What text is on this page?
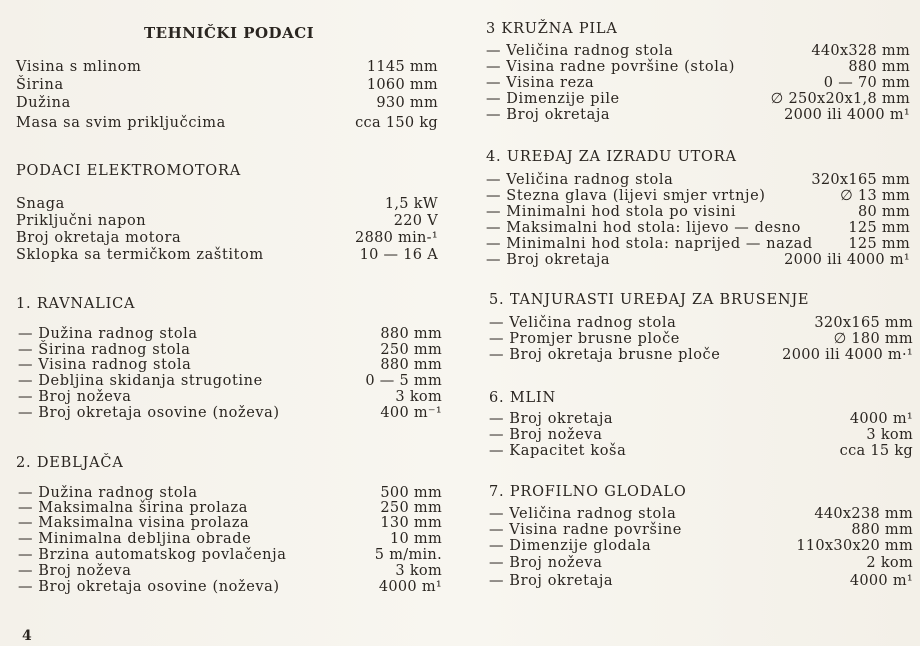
TEHNIČKI PODACI
Visina s mlinom	1145 mm
Širina	1060 mm
Dužina	930 mm
Masa sa svim priključcima	cca 150 kg
PODACI ELEKTROMOTORA
Snaga	1,5 kW
Priključni napon	220 V
Broj okretaja motora	2880 min-¹
Sklopka sa termičkom zaštitom	10 — 16 A
1. RAVNALICA
— Dužina radnog stola	880 mm
— Širina radnog stola	250 mm
— Visina radnog stola	880 mm
— Debljina skidanja strugotine	0 — 5 mm
— Broj noževa	3 kom
— Broj okretaja osovine (noževa)	400 m⁻¹
2. DEBLJAČA
— Dužina radnog stola	500 mm
— Maksimalna širina prolaza	250 mm
— Maksimalna visina prolaza	130 mm
— Minimalna debljina obrade	10 mm
— Brzina automatskog povlačenja	5 m/min.
— Broj noževa	3 kom
— Broj okretaja osovine (noževa)	4000 m¹
3 KRUŽNA PILA
— Veličina radnog stola	440x328 mm
— Visina radne površine (stola)	880 mm
— Visina reza	0 — 70 mm
— Dimenzije pile	∅ 250x20x1,8 mm
— Broj okretaja	2000 ili 4000 m¹
4. UREĐAJ ZA IZRADU UTORA
— Veličina radnog stola	320x165 mm
— Stezna glava (lijevi smjer vrtnje)	∅ 13 mm
— Minimalni hod stola po visini	80 mm
— Maksimalni hod stola: lijevo — desno	125 mm
— Minimalni hod stola: naprijed — nazad 125 mm
— Broj okretaja	2000 ili 4000 m¹
5. TANJURASTI UREĐAJ ZA BRUSENJE
— Veličina radnog stola	320x165 mm
— Promjer brusne ploče	∅ 180 mm
— Broj okretaja brusne ploče	2000 ili 4000 m·¹
6. MLIN
— Broj okretaja	4000 m¹
— Broj noževa	3 kom
— Kapacitet koša	cca 15 kg
7. PROFILNO GLODALO
— Veličina radnog stola	440x238 mm
— Visina radne površine	880 mm
— Dimenzije glodala	110x30x20 mm
— Broj noževa	2 kom
— Broj okretaja	4000 m¹
4
